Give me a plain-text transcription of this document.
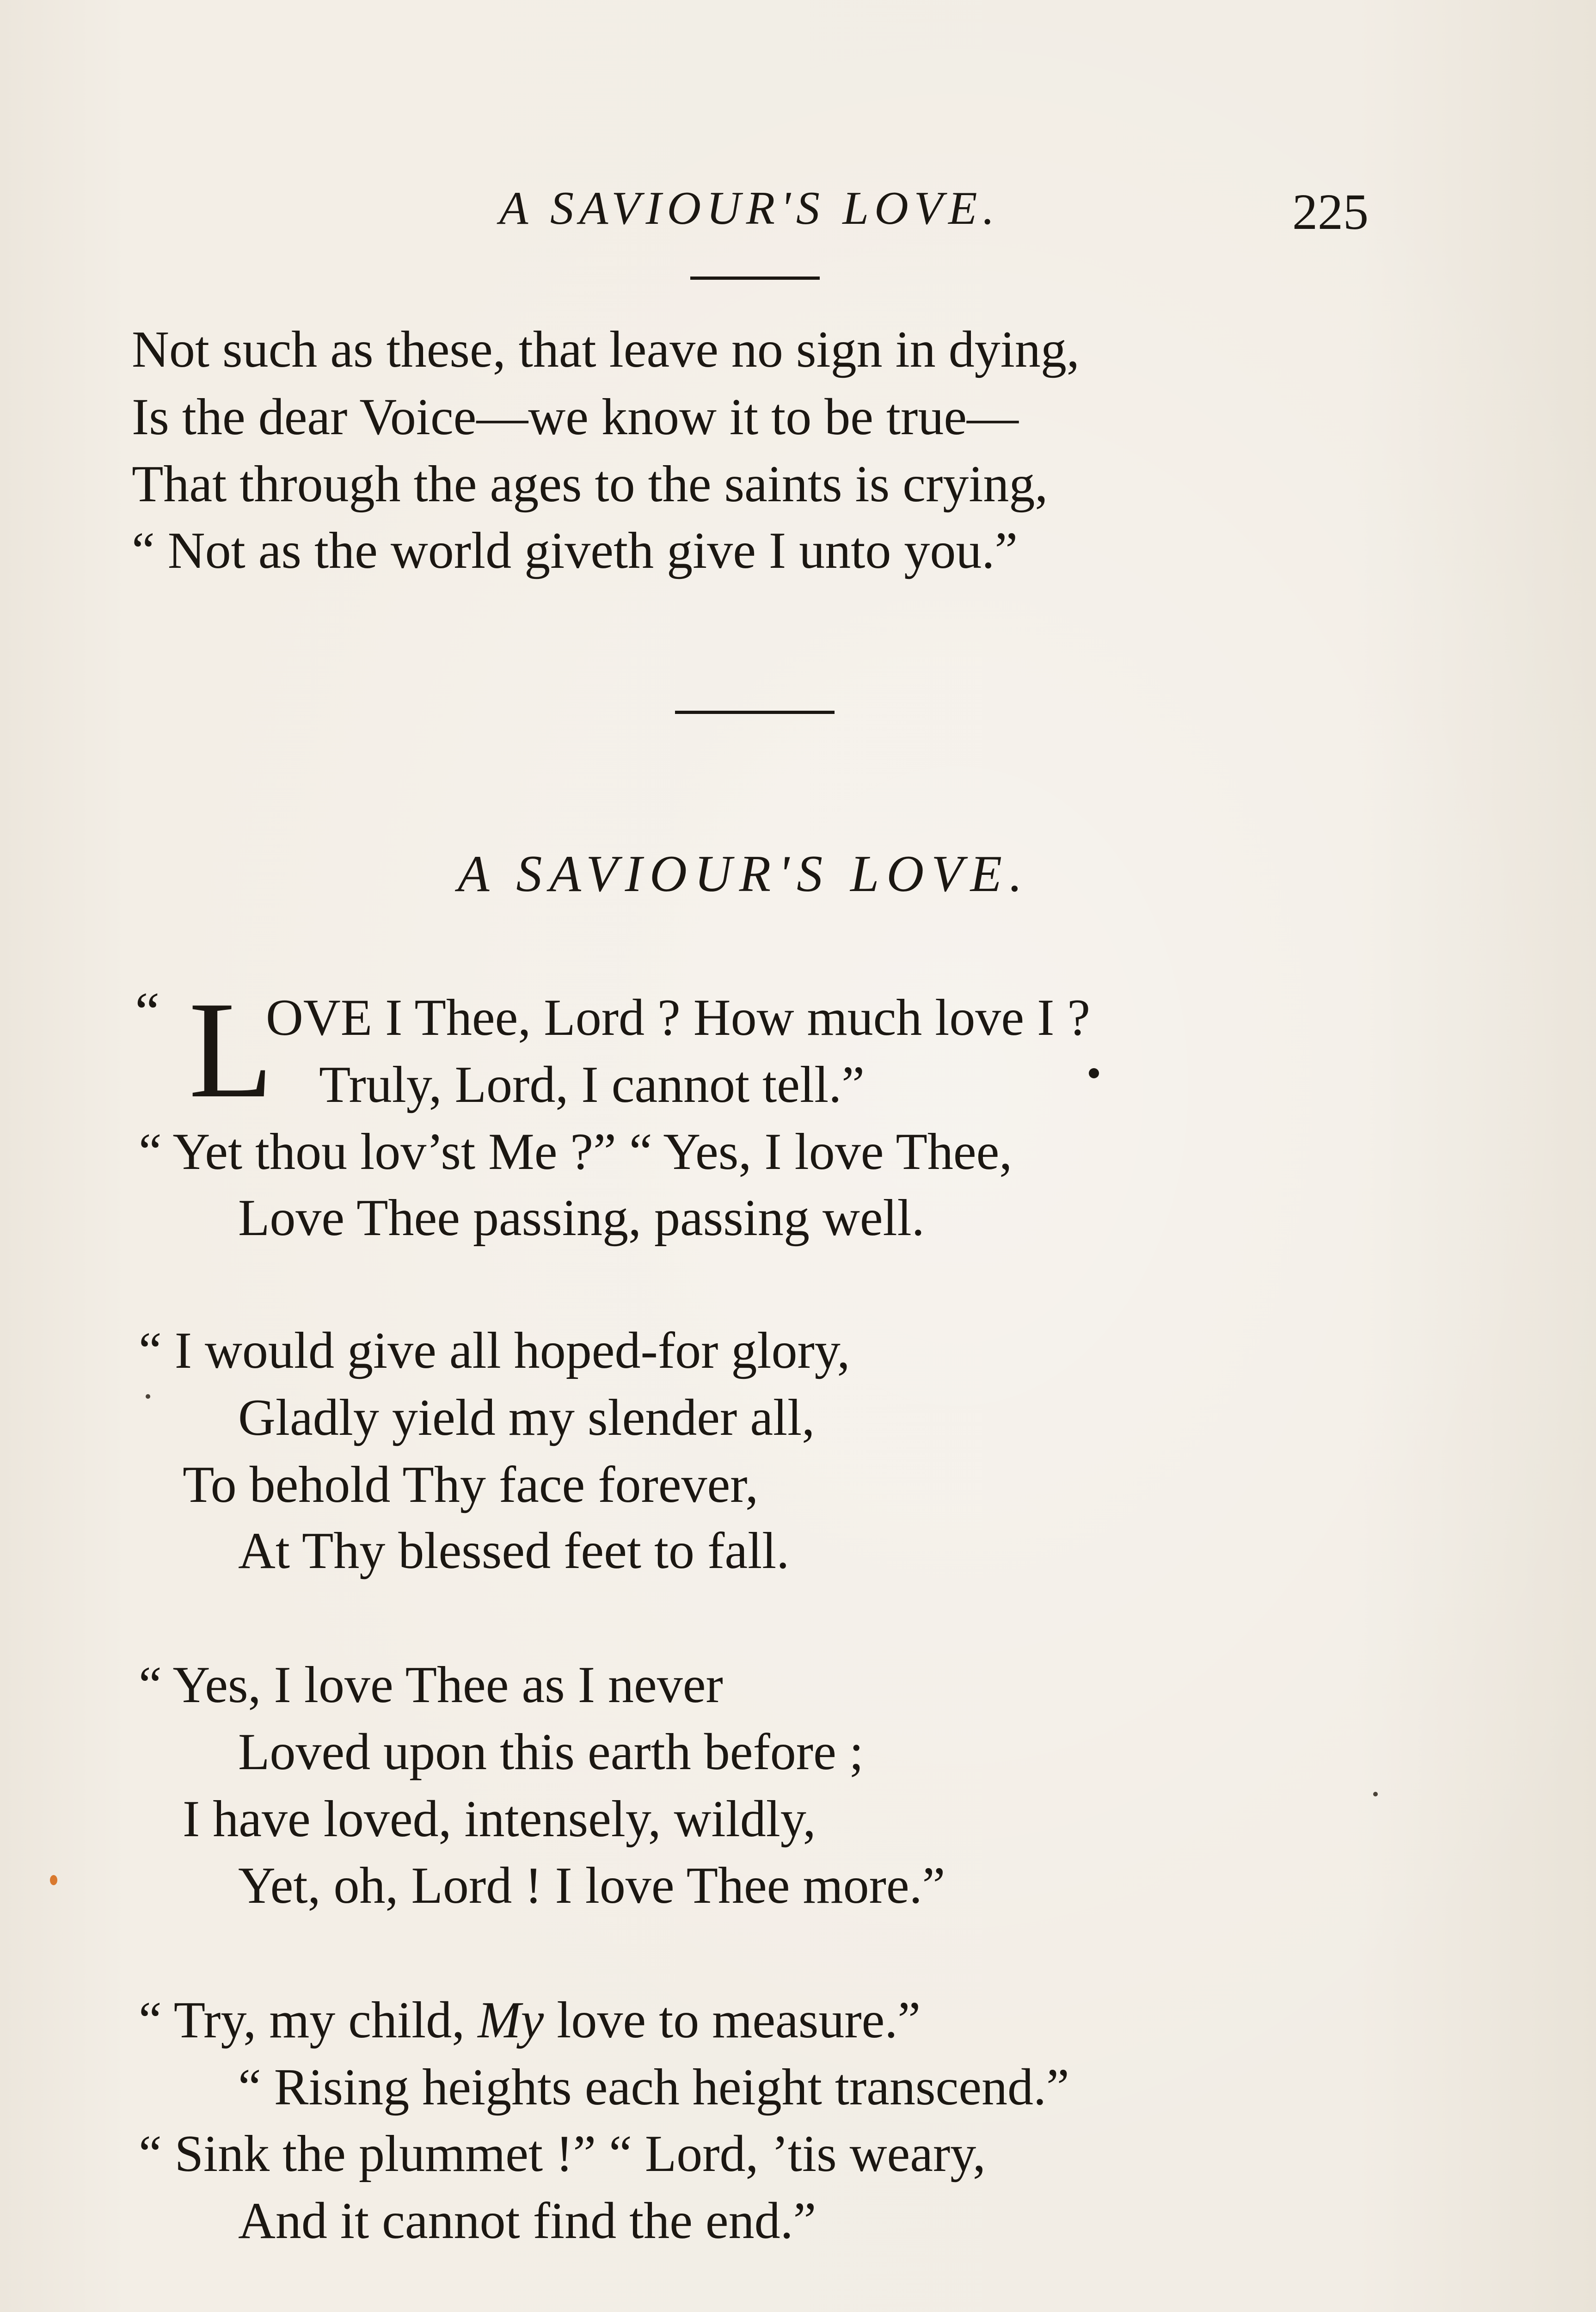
A SAVIOUR'S LOVE.	225
Not such as these, that leave no sign in dying,
Is the dear Voice—we know it to be true—
That through the ages to the saints is crying,
“ Not as the world giveth give I unto you.”
A SAVIOUR'S LOVE.
“ L
OVE I Thee, Lord ? How much love I ?
Truly, Lord, I cannot tell.”
“ Yet thou lov’st Me ?” “ Yes, I love Thee,
Love Thee passing, passing well.
“ I would give all hoped-for glory,
Gladly yield my slender all,
To behold Thy face forever,
At Thy blessed feet to fall.
“ Yes, I love Thee as I never
Loved upon this earth before ;
I have loved, intensely, wildly,
Yet, oh, Lord ! I love Thee more.”
“ Try, my child, My love to measure.”
“ Rising heights each height transcend.”
“ Sink the plummet !” “ Lord, ’tis weary,
And it cannot find the end.”
